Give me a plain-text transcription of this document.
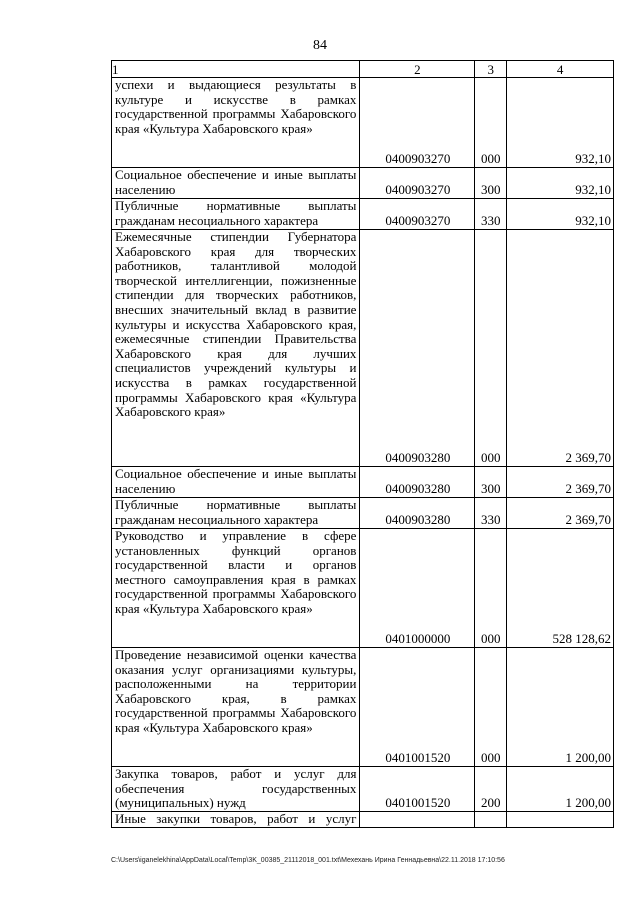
84
1	2	3	4
успехи и выдающиеся результаты в культуре и искусстве в рамках государственной программы Хабаровского края «Культура Хабаровского края»	0400903270	000	932,10
Социальное обеспечение и иные выплаты населению	0400903270	300	932,10
Публичные нормативные выплаты гражданам несоциального характера	0400903270	330	932,10
Ежемесячные стипендии Губернатора Хабаровского края для творческих работников, талантливой молодой творческой интеллигенции, пожизненные стипендии для творческих работников, внесших значительный вклад в развитие культуры и искусства Хабаровского края, ежемесячные стипендии Правительства Хабаровского края для лучших специалистов учреждений культуры и искусства в рамках государственной программы Хабаровского края «Культура Хабаровского края»	0400903280	000	2 369,70
Социальное обеспечение и иные выплаты населению	0400903280	300	2 369,70
Публичные нормативные выплаты гражданам несоциального характера	0400903280	330	2 369,70
Руководство и управление в сфере установленных функций органов государственной власти и органов местного самоуправления края в рамках государственной программы Хабаровского края «Культура Хабаровского края»	0401000000	000	528 128,62
Проведение независимой оценки качества оказания услуг организациями культуры, расположенными на территории Хабаровского края, в рамках государственной программы Хабаровского края «Культура Хабаровского края»	0401001520	000	1 200,00
Закупка товаров, работ и услуг для обеспечения государственных (муниципальных) нужд	0401001520	200	1 200,00
Иные закупки товаров, работ и услуг			
C:\Users\iganelekhina\AppData\Local\Temp\3K_00385_21112018_001.txt\Мехехань Ирина Геннадьевна\22.11.2018 17:10:56
